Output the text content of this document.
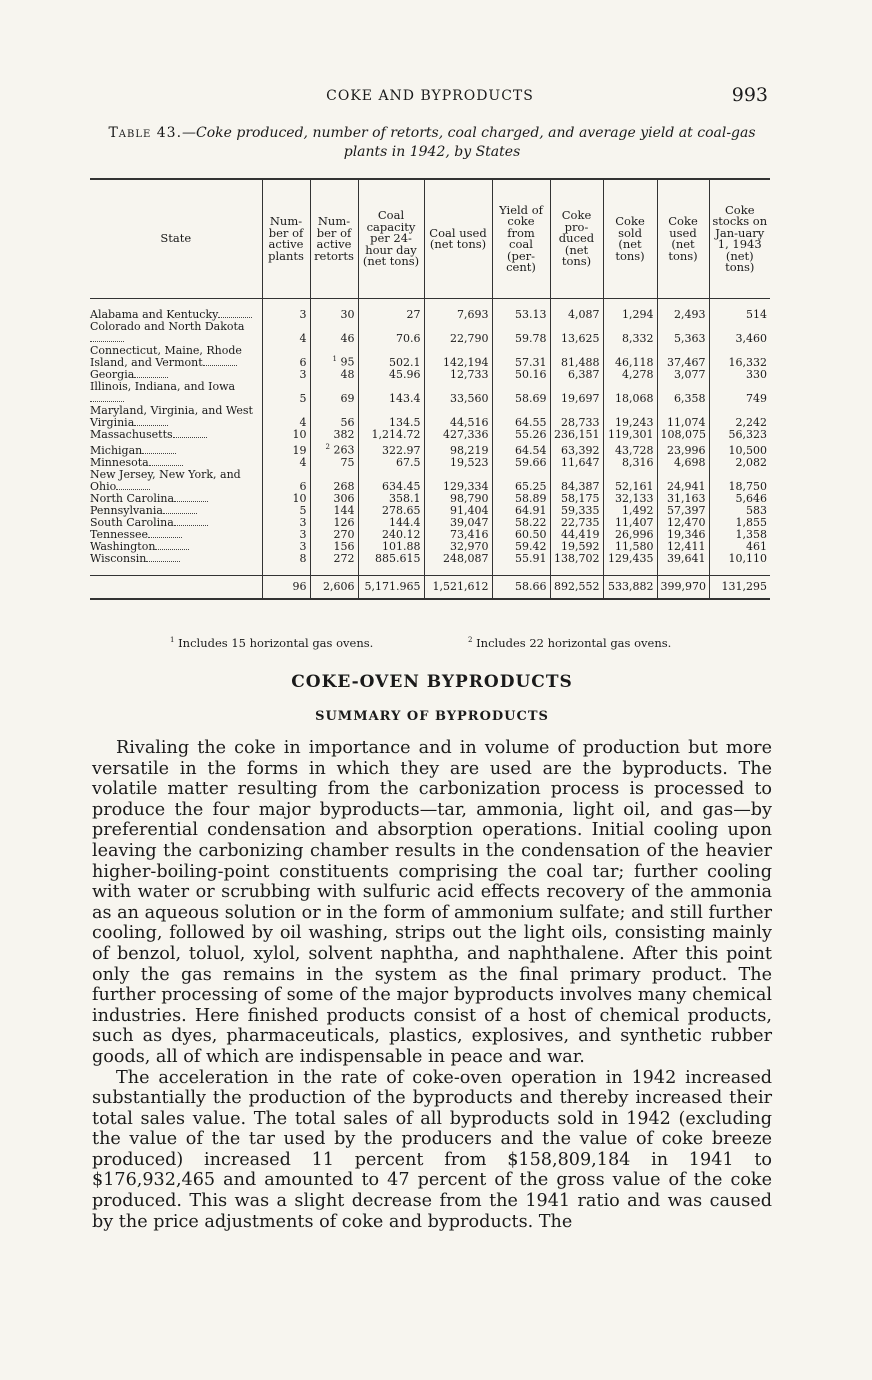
COKE AND BYPRODUCTS	993
Table 43.—Coke produced, number of retorts, coal charged, and average yield at coal-gas plants in 1942, by States
State	Num-ber of active plants	Num-ber of active retorts	Coal capacity per 24-hour day (net tons)	Coal used (net tons)	Yield of coke from coal (per-cent)	Coke pro-duced (net tons)	Coke sold (net tons)	Coke used (net tons)	Coke stocks on Jan-uary 1, 1943 (net) tons)

Alabama and Kentucky	3	30	27	7,693	53.13	4,087	1,294	2,493	514
Colorado and North Dakota	4	46	70.6	22,790	59.78	13,625	8,332	5,363	3,460
Connecticut, Maine, Rhode Island, and Vermont	6	$^1$ 95	502.1	142,194	57.31	81,488	46,118	37,467	16,332
Georgia	3	48	45.96	12,733	50.16	6,387	4,278	3,077	330
Illinois, Indiana, and Iowa	5	69	143.4	33,560	58.69	19,697	18,068	6,358	749
Maryland, Virginia, and West Virginia	4	56	134.5	44,516	64.55	28,733	19,243	11,074	2,242
Massachusetts	10	382	1,214.72	427,336	55.26	236,151	119,301	108,075	56,323
Michigan	19	$^2$ 263	322.97	98,219	64.54	63,392	43,728	23,996	10,500
Minnesota	4	75	67.5	19,523	59.66	11,647	8,316	4,698	2,082
New Jersey, New York, and Ohio	6	268	634.45	129,334	65.25	84,387	52,161	24,941	18,750
North Carolina	10	306	358.1	98,790	58.89	58,175	32,133	31,163	5,646
Pennsylvania	5	144	278.65	91,404	64.91	59,335	1,492	57,397	583
South Carolina	3	126	144.4	39,047	58.22	22,735	11,407	12,470	1,855
Tennessee	3	270	240.12	73,416	60.50	44,419	26,996	19,346	1,358
Washington	3	156	101.88	32,970	59.42	19,592	11,580	12,411	461
Wisconsin	8	272	885.615	248,087	55.91	138,702	129,435	39,641	10,110

	96	2,606	5,171.965	1,521,612	58.66	892,552	533,882	399,970	131,295
$^1$ Includes 15 horizontal gas ovens.	$^2$ Includes 22 horizontal gas ovens.
COKE-OVEN BYPRODUCTS
SUMMARY OF BYPRODUCTS

Rivaling the coke in importance and in volume of production but more versatile in the forms in which they are used are the byproducts. The volatile matter resulting from the carbonization process is processed to produce the four major byproducts—tar, ammonia, light oil, and gas—by preferential condensation and absorption operations. Initial cooling upon leaving the carbonizing chamber results in the condensation of the heavier higher-boiling-point constituents comprising the coal tar; further cooling with water or scrubbing with sulfuric acid effects recovery of the ammonia as an aqueous solution or in the form of ammonium sulfate; and still further cooling, followed by oil washing, strips out the light oils, consisting mainly of benzol, toluol, xylol, solvent naphtha, and naphthalene. After this point only the gas remains in the system as the final primary product. The further processing of some of the major byproducts involves many chemical industries. Here finished products consist of a host of chemical products, such as dyes, pharmaceuticals, plastics, explosives, and synthetic rubber goods, all of which are indispensable in peace and war.

The acceleration in the rate of coke-oven operation in 1942 increased substantially the production of the byproducts and thereby increased their total sales value. The total sales of all byproducts sold in 1942 (excluding the value of the tar used by the producers and the value of coke breeze produced) increased 11 percent from $158,809,184 in 1941 to $176,932,465 and amounted to 47 percent of the gross value of the coke produced. This was a slight decrease from the 1941 ratio and was caused by the price adjustments of coke and byproducts. The
